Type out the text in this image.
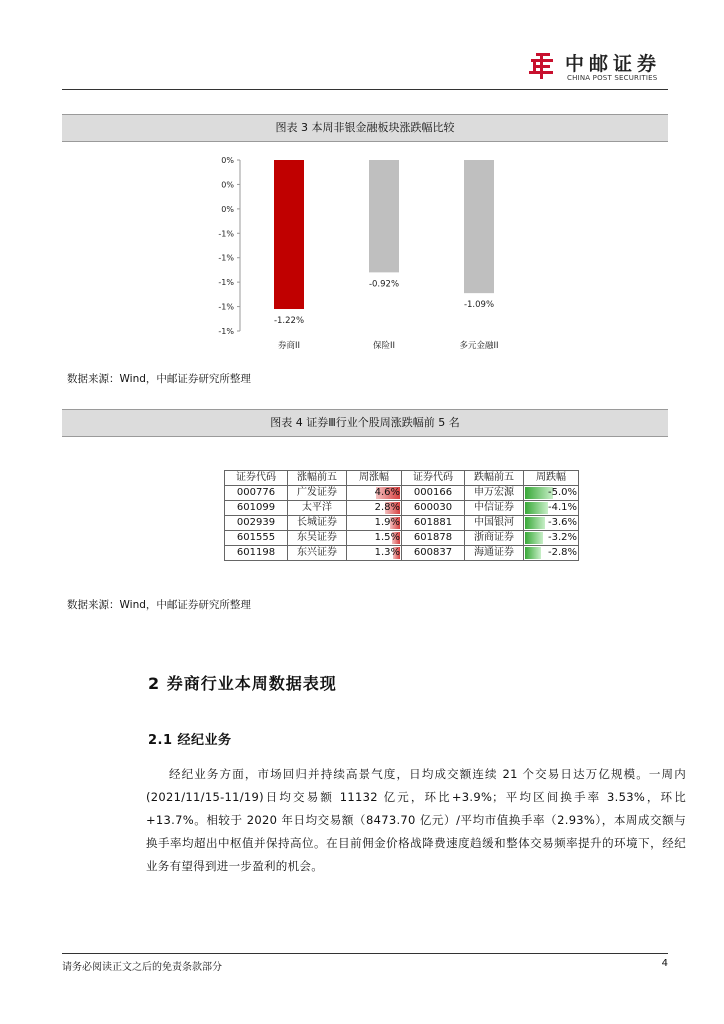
中邮证券
CHINA POST SECURITIES
图表 3 本周非银金融板块涨跌幅比较
0%
0%
0%
-1%
-1%
-1%
-1%
-1%
-1.22%
券商II
-0.92%
保险II
-1.09%
多元金融II
数据来源：Wind，中邮证券研究所整理
图表 4 证券Ⅲ行业个股周涨跌幅前 5 名
证券代码	涨幅前五	周涨幅	证券代码	跌幅前五	周跌幅
000776	广发证券	4.6%	000166	申万宏源	-5.0%
601099	太平洋	2.8%	600030	中信证券	-4.1%
002939	长城证券	1.9%	601881	中国银河	-3.6%
601555	东吴证券	1.5%	601878	浙商证券	-3.2%
601198	东兴证券	1.3%	600837	海通证券	-2.8%
数据来源：Wind，中邮证券研究所整理
2 券商行业本周数据表现
2.1 经纪业务

经纪业务方面，市场回归并持续高景气度，日均成交额连续 21 个交易日达万亿规模。一周内(2021/11/15-11/19)日均交易额 11132 亿元，环比+3.9%；平均区间换手率 3.53%，环比+13.7%。相较于 2020 年日均交易额（8473.70 亿元）/平均市值换手率（2.93%），本周成交额与换手率均超出中枢值并保持高位。在目前佣金价格战降费速度趋缓和整体交易频率提升的环境下，经纪业务有望得到进一步盈利的机会。

请务必阅读正文之后的免责条款部分	4
